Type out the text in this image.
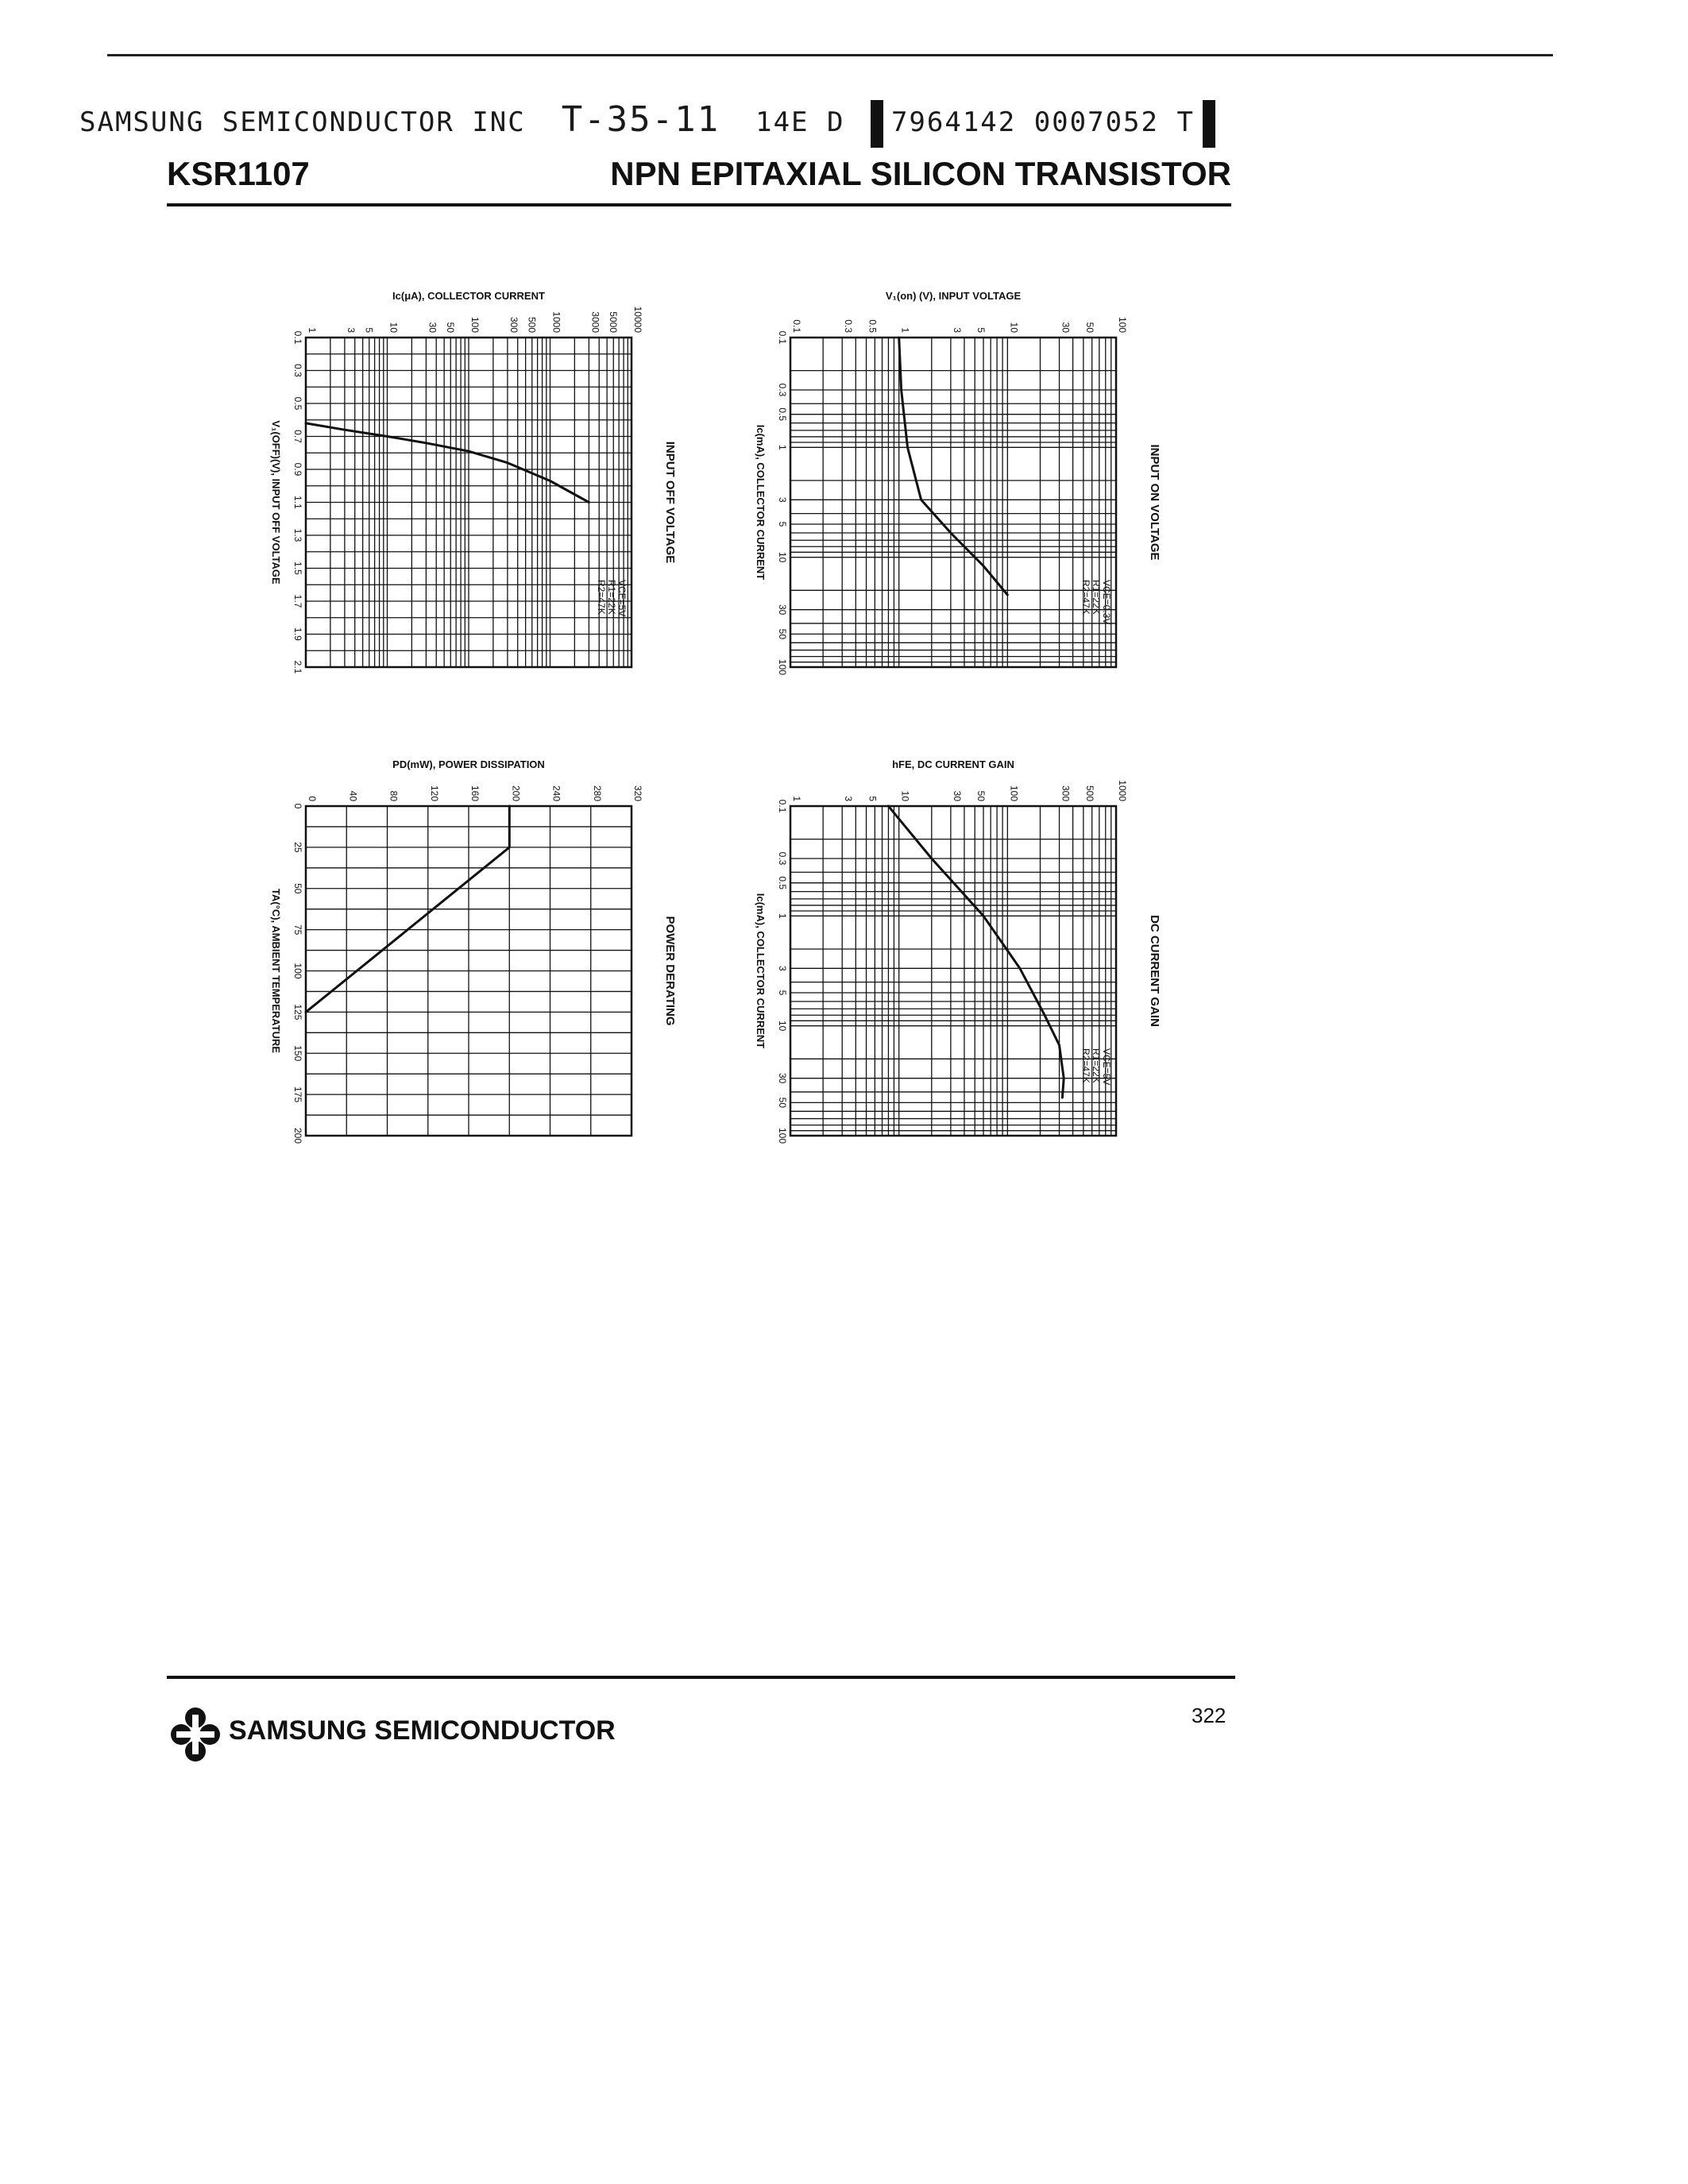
SAMSUNG SEMICONDUCTOR INC T-35-11 14E D 7964142 0007052 T
KSR1107	NPN EPITAXIAL SILICON TRANSISTOR
1	3 5 10	30 50 100	300 500 1000	3000 5000 10000
0.1
0.3
0.5
0.7
0.9
1.1
1.3
1.5
1.7
1.9
2.1
Ic(μA), COLLECTOR CURRENT
V₁(OFF)(V), INPUT OFF VOLTAGE	INPUT OFF VOLTAGE
VCE=5V
R1=22K
R2=47K
0.1	0.3 0.5 1	3 5 10	30 50 100
0.1
0.3
0.5
1
3
5
10
30
50
100
V₁(on) (V), INPUT VOLTAGE
Ic(mA), COLLECTOR CURRENT	INPUT ON VOLTAGE
VCE=0.3V
R1=22K
R2=47K
0	40	80	120	160	200	240	280	320
0
25
50
75
100
125
150
175
200
PD(mW), POWER DISSIPATION
TA(°C), AMBIENT TEMPERATURE	POWER DERATING
1	3 5 10	30 50 100	300 500 1000
0.1
0.3
0.5
1
3
5
10
30
50
100
hFE, DC CURRENT GAIN
Ic(mA), COLLECTOR CURRENT	DC CURRENT GAIN
VCE=5V
R1=22K
R2=47K
SAMSUNG SEMICONDUCTOR	322
